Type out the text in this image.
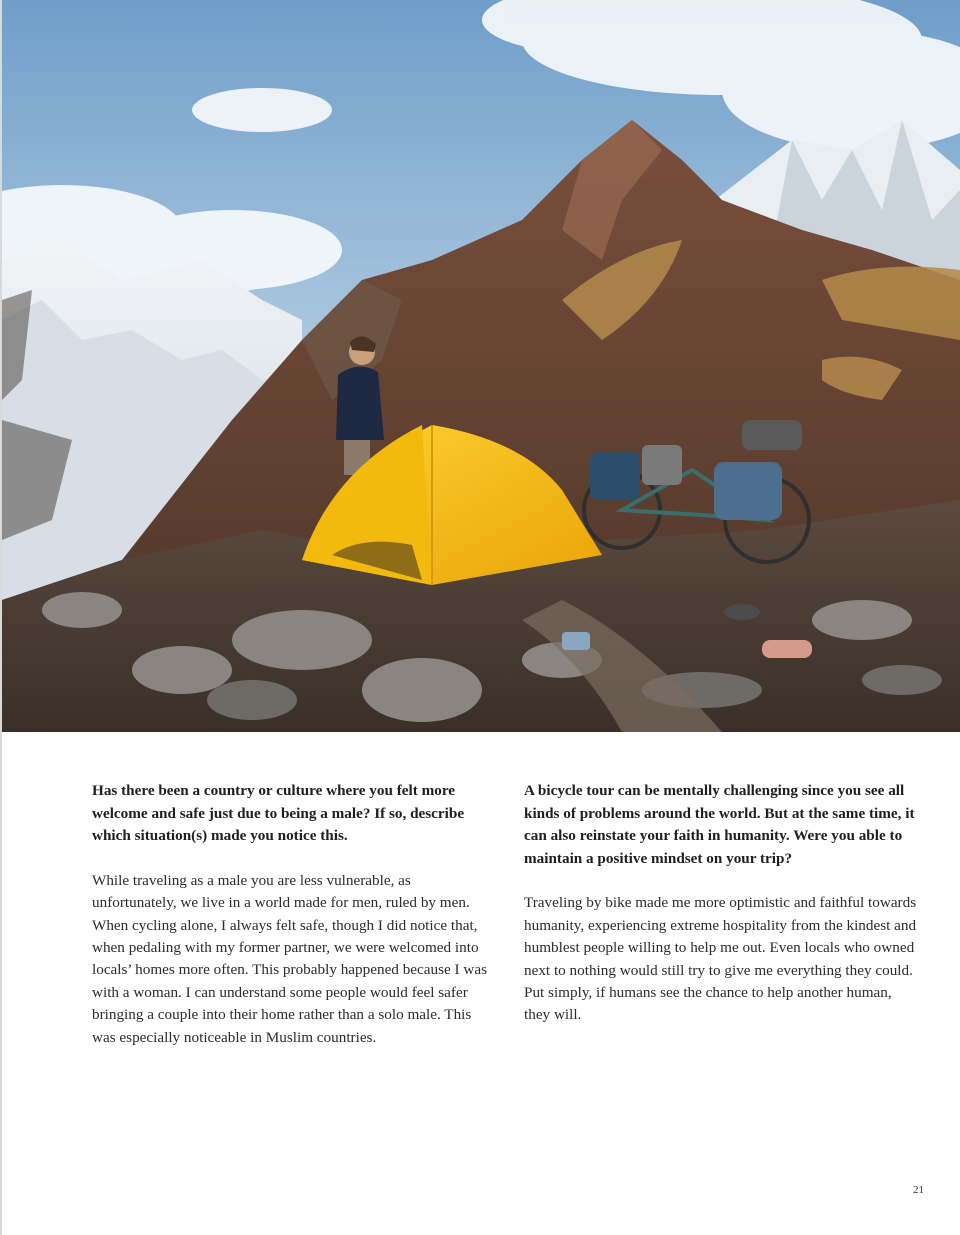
Has there been a country or culture where you felt more welcome and safe just due to being a male? If so, describe which situation(s) made you notice this.

While traveling as a male you are less vulnerable, as unfortunately, we live in a world made for men, ruled by men. When cycling alone, I always felt safe, though I did notice that, when pedaling with my former partner, we were welcomed into locals’ homes more often. This probably happened because I was with a woman. I can understand some people would feel safer bringing a couple into their home rather than a solo male. This was especially noticeable in Muslim countries.

A bicycle tour can be mentally challenging since you see all kinds of problems around the world. But at the same time, it can also reinstate your faith in humanity. Were you able to maintain a positive mindset on your trip?

Traveling by bike made me more optimistic and faithful towards humanity, experiencing extreme hospitality from the kindest and humblest people willing to help me out. Even locals who owned next to nothing would still try to give me everything they could. Put simply, if humans see the chance to help another human, they will.

21
